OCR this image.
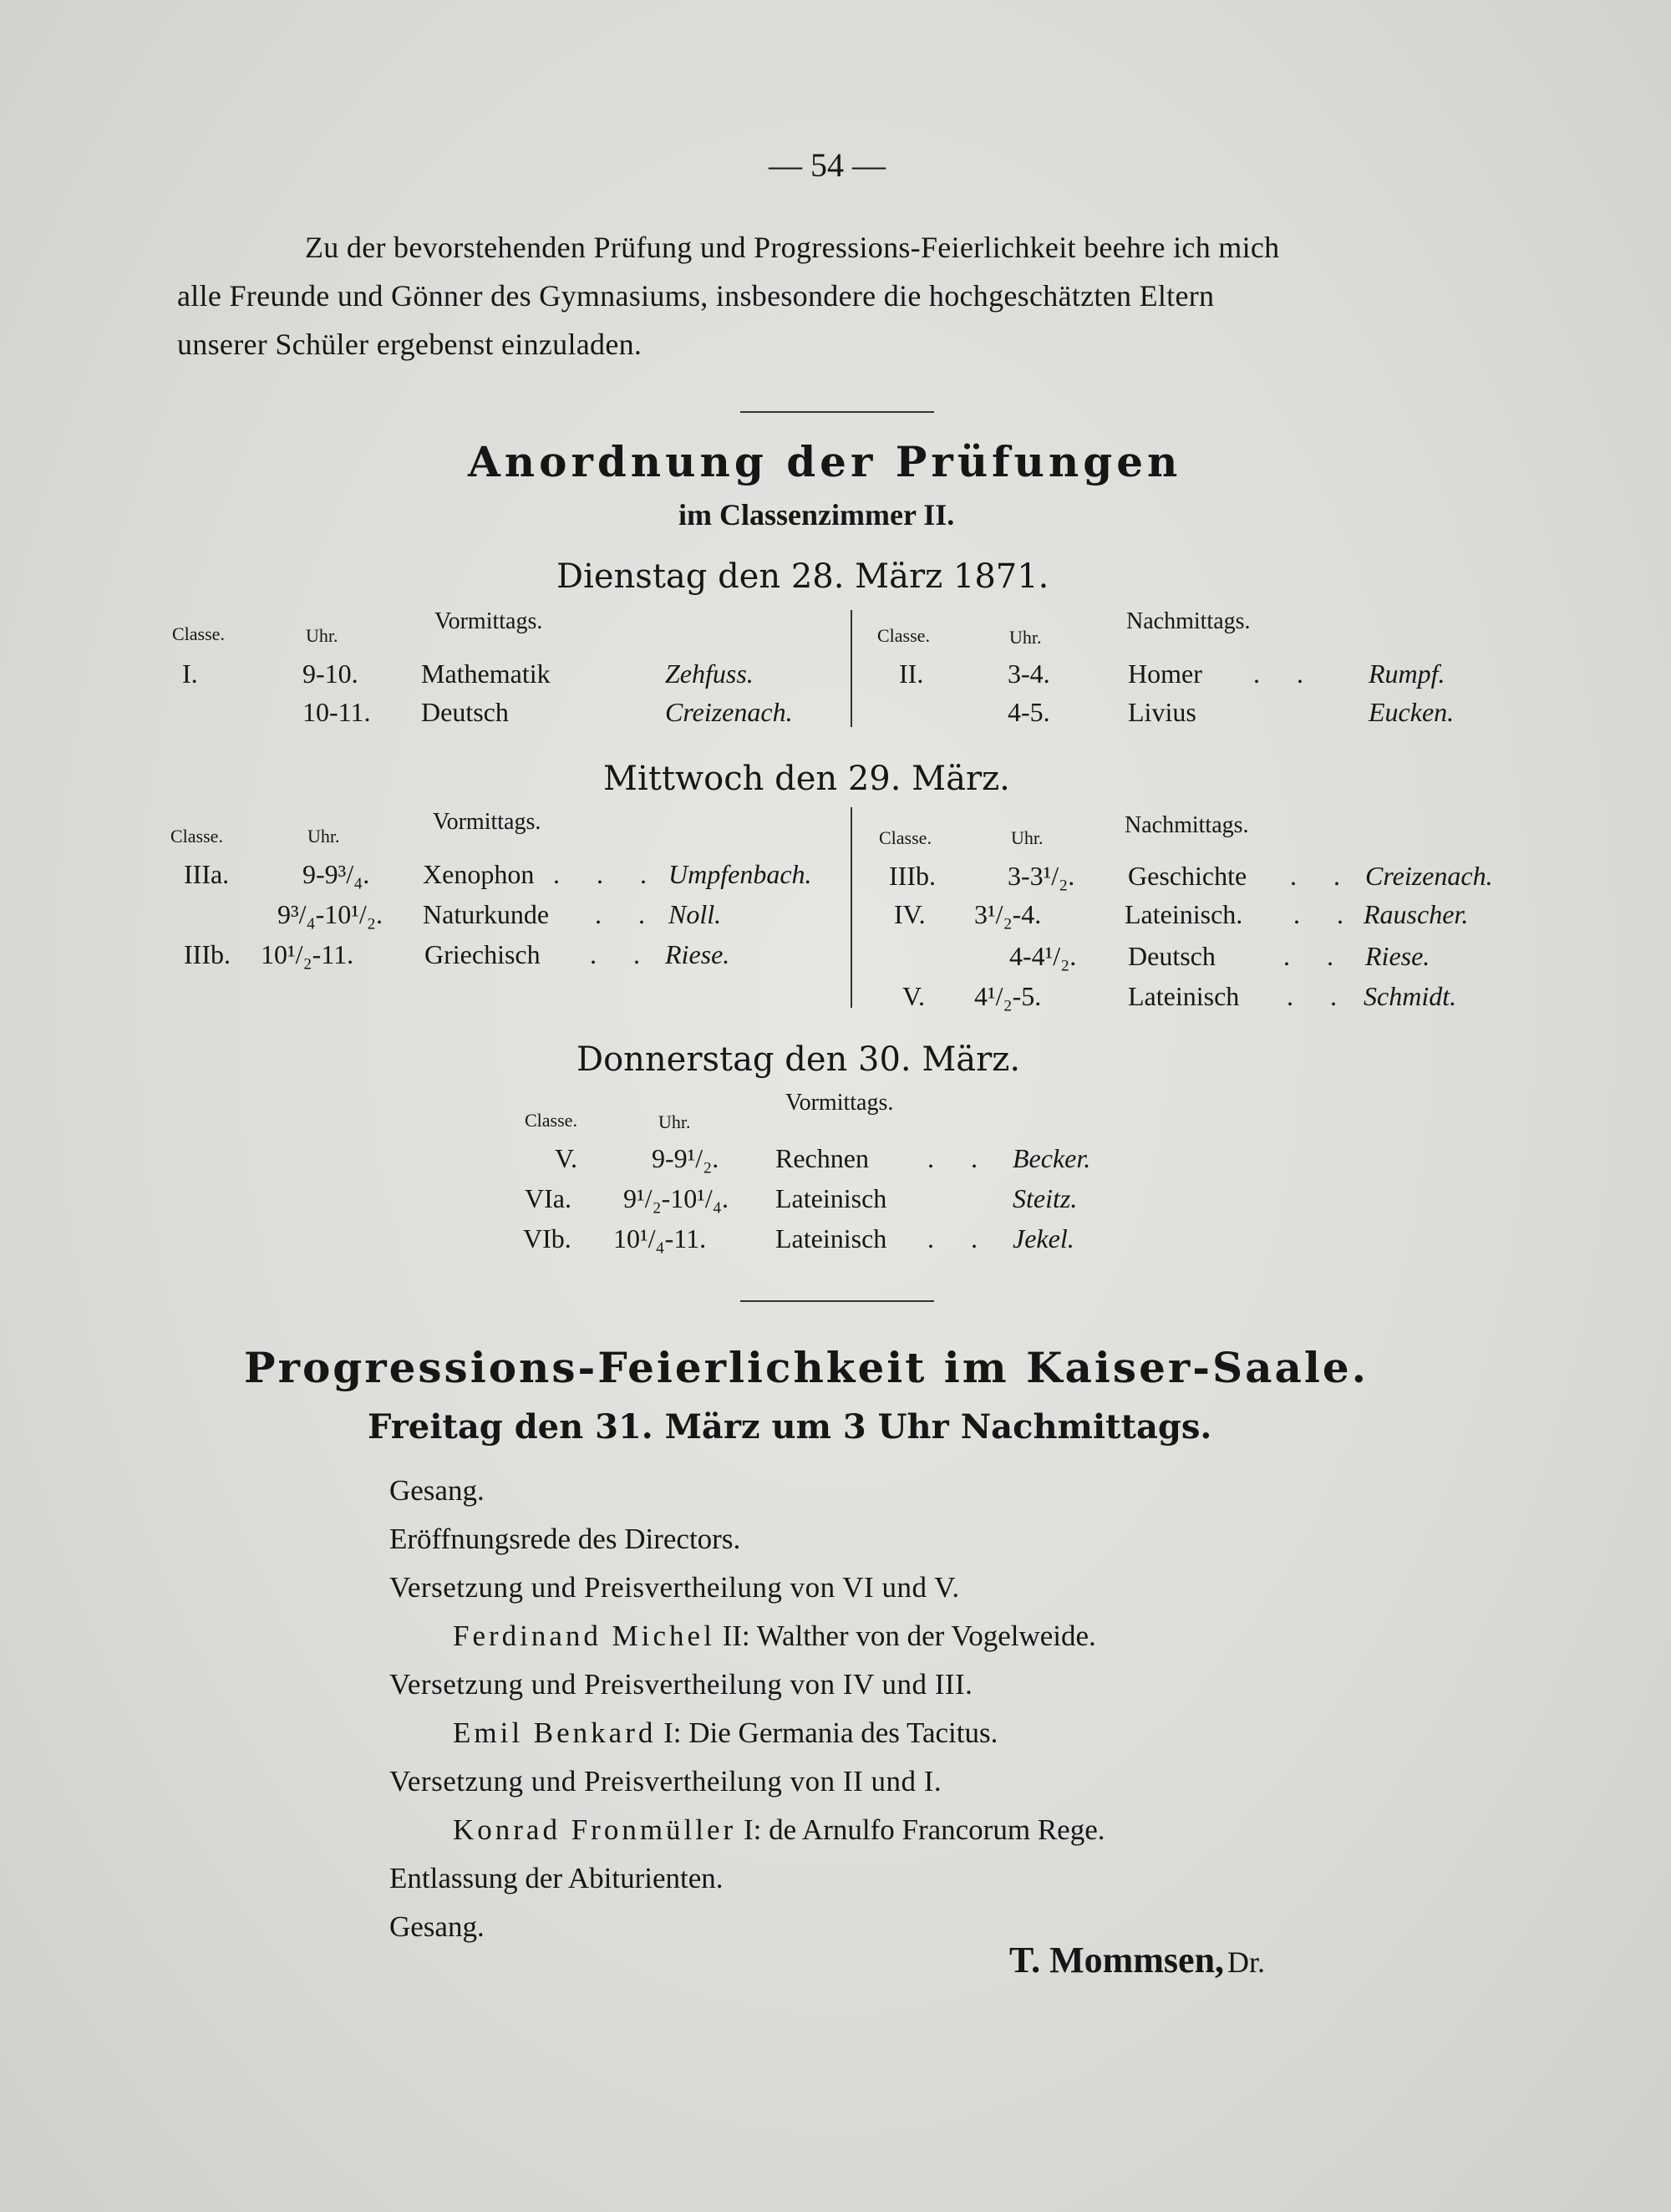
— 54 —
Zu der bevorstehenden Prüfung und Progressions-Feierlichkeit beehre ich mich
alle Freunde und Gönner des Gymnasiums, insbesondere die hochgeschätzten Eltern
unserer Schüler ergebenst einzuladen.
Anordnung der Prüfungen
im Classenzimmer II.
Dienstag den 28. März 1871.
Vormittags.	Nachmittags.
Classe.	Uhr.	Classe.	Uhr.
I.	9-10. Mathematik	Zehfuss.
10-11. Deutsch	Creizenach.
II.	3-4.	Homer . . Rumpf.
4-5.	Livius	Eucken.
Mittwoch den 29. März.
Vormittags.	Nachmittags.
Classe.	Uhr.	Classe.	Uhr.
IIIa.	9-9³/₄. Xenophon . . . Umpfenbach.
9³/₄-10¹/₂. Naturkunde . . Noll.
IIIb. 10¹/₂-11.	Griechisch . . Riese.
IIIb.	3-3¹/₂. Geschichte . . Creizenach.
IV. 3¹/₂-4.	Lateinisch. . . Rauscher.
4-4¹/₂. Deutsch	. . Riese.
V. 4¹/₂-5.	Lateinisch . . Schmidt.
Donnerstag den 30. März.
Vormittags.
Classe.	Uhr.
V.	9-9¹/₂. Rechnen . . Becker.
VIa. 9¹/₂-10¹/₄. Lateinisch	Steitz.
VIb. 10¹/₄-11.	Lateinisch . . Jekel.
Progressions-Feierlichkeit im Kaiser-Saale.
Freitag den 31. März um 3 Uhr Nachmittags.
Gesang.
Eröffnungsrede des Directors.
Versetzung und Preisvertheilung von VI und V.
Ferdinand Michel II: Walther von der Vogelweide.
Versetzung und Preisvertheilung von IV und III.
Emil Benkard I: Die Germania des Tacitus.
Versetzung und Preisvertheilung von II und I.
Konrad Fronmüller I: de Arnulfo Francorum Rege.
Entlassung der Abiturienten.
Gesang.
T. Mommsen, Dr.
